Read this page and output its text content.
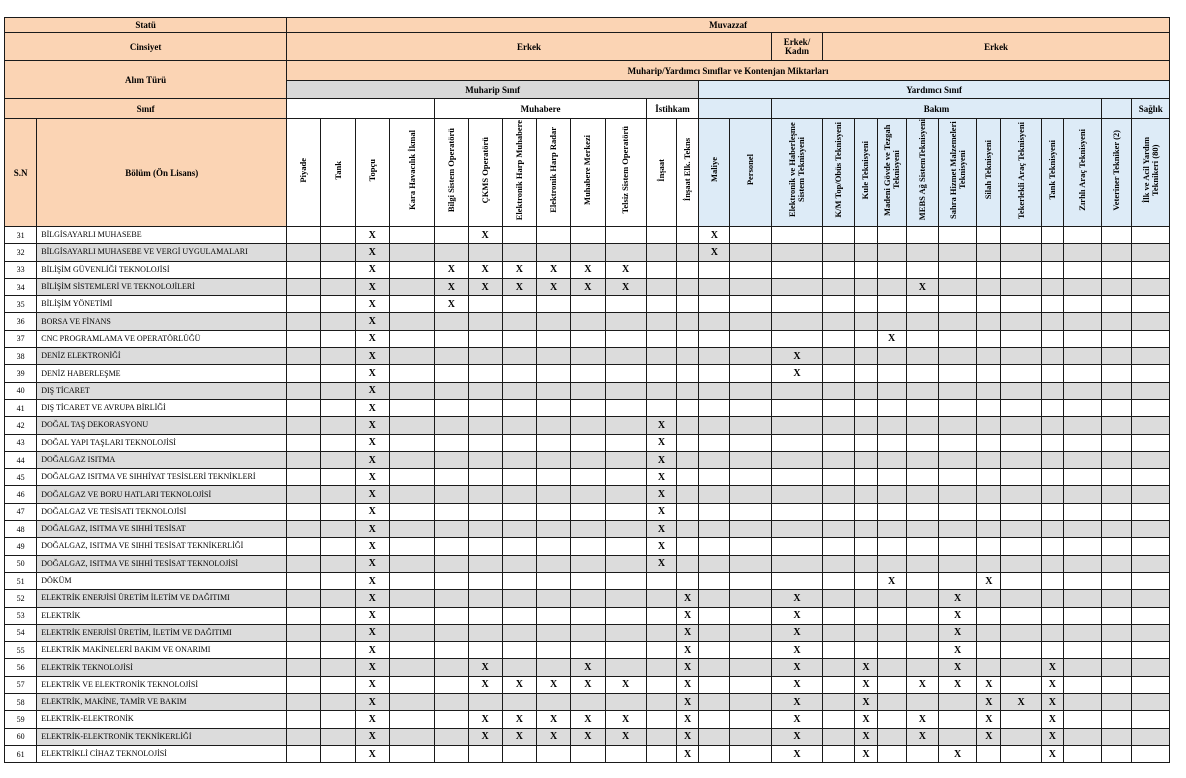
Statü		Muvazzaf																									
Cinsiyet		Erkek														Erkek/ Kadın	Erkek										
Alım Türü		Muharip/Yardımcı Sınıflar ve Kontenjan Miktarları																									
		Muharip Sınıf												Yardımcı Sınıf													
Sınıf						Muhabere						İstihkam				Bakım											Sağlık
S.N	Bölüm (Ön Lisans)	Piyade	Tank	Topçu	Kara Havacılık İkmal	Bilgi Sistem Operatörü	ÇKMS Operatörü	Elektronik Harp Muhabere	Elektronik Harp Radar	Muhabere Merkezi	Telsiz Sistem Operatörü	İnşaat	İnşaat Elk. Tekns	Maliye	Personel	Elektronik ve Haberleşme Sistem Teknisyeni	K/M Top/Obüs Teknisyeni	Kule Teknisyeni	Madeni Gövde ve Tezgah Teknisyeni	MEBS Ağ SistemTeknisyeni	Sahra Hizmet Malzemeleri Teknisyeni	Silah Teknisyeni	Tekerlekli Araç Teknisyeni	Tank Teknisyeni	Zırhlı Araç Teknisyeni	Veteriner Tekniker (2)	İlk ve Acil Yardım Teknikeri (80)
31	BİLGİSAYARLI MUHASEBE			X			X							X													
32	BİLGİSAYARLI MUHASEBE VE VERGİ UYGULAMALARI			X										X													
33	BİLİŞİM GÜVENLİĞİ TEKNOLOJİSİ			X		X	X	X	X	X	X																
34	BİLİŞİM SİSTEMLERİ VE TEKNOLOJİLERİ			X		X	X	X	X	X	X									X							
35	BİLİŞİM YÖNETİMİ			X		X																					
36	BORSA VE FİNANS			X																							
37	CNC PROGRAMLAMA VE OPERATÖRLÜĞÜ			X															X								
38	DENİZ ELEKTRONİĞİ			X												X											
39	DENİZ HABERLEŞME			X												X											
40	DIŞ TİCARET			X																							
41	DIŞ TİCARET VE AVRUPA BİRLİĞİ			X																							
42	DOĞAL TAŞ DEKORASYONU			X								X															
43	DOĞAL YAPI TAŞLARI TEKNOLOJİSİ			X								X															
44	DOĞALGAZ ISITMA			X								X															
45	DOĞALGAZ ISITMA VE SIHHİYAT TESİSLERİ TEKNİKLERİ			X								X															
46	DOĞALGAZ VE BORU HATLARI TEKNOLOJİSİ			X								X															
47	DOĞALGAZ VE TESİSATI TEKNOLOJİSİ			X								X															
48	DOĞALGAZ, ISITMA VE SIHHİ TESİSAT			X								X															
49	DOĞALGAZ, ISITMA VE SIHHİ TESİSAT TEKNİKERLİĞİ			X								X															
50	DOĞALGAZ, ISITMA VE SIHHİ TESİSAT TEKNOLOJİSİ			X								X															
51	DÖKÜM			X															X			X					
52	ELEKTRİK ENERJİSİ ÜRETİM İLETİM VE DAĞITIMI			X									X			X					X						
53	ELEKTRİK			X									X			X					X						
54	ELEKTRİK ENERJİSİ ÜRETİM, İLETİM VE DAĞITIMI			X									X			X					X						
55	ELEKTRİK MAKİNELERİ BAKIM VE ONARIMI			X									X			X					X						
56	ELEKTRİK TEKNOLOJİSİ			X			X			X			X			X		X			X			X			
57	ELEKTRİK VE ELEKTRONİK TEKNOLOJİSİ			X			X	X	X	X	X		X			X		X		X	X	X		X			
58	ELEKTRİK, MAKİNE, TAMİR VE BAKIM			X									X			X		X				X	X	X			
59	ELEKTRİK-ELEKTRONİK			X			X	X	X	X	X		X			X		X		X		X		X			
60	ELEKTRİK-ELEKTRONİK TEKNİKERLİĞİ			X			X	X	X	X	X		X			X		X		X		X		X			
61	ELEKTRİKLİ CİHAZ TEKNOLOJİSİ			X									X			X		X			X			X			
